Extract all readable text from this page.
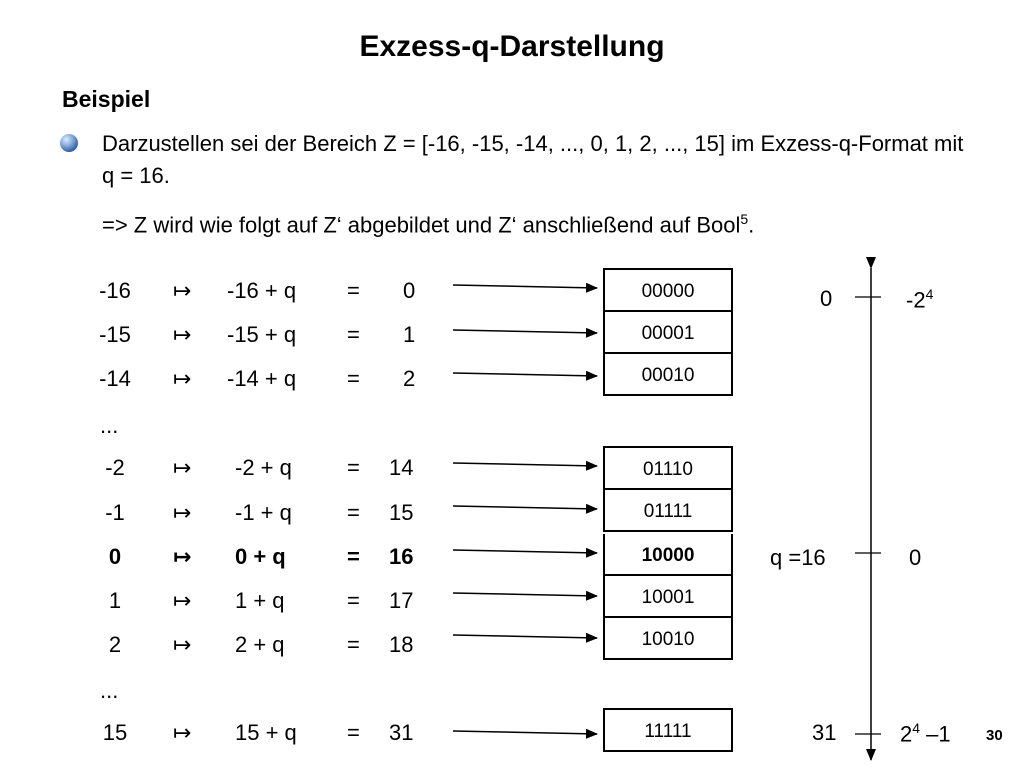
Exzess-q-Darstellung
Beispiel
Darzustellen sei der Bereich Z = [-16, -15, -14, ..., 0, 1, 2, ..., 15] im Exzess-q-Format mit q = 16.
=> Z wird wie folgt auf Z‘ abgebildet und Z‘ anschließend auf Bool$^5$.
-16	↦ -16 + q = 0
-15	↦ -15 + q = 1
-14	↦ -14 + q = 2
...
-2	↦ -2 + q	= 14
-1	↦ -1 + q	= 15
0	↦ 0 + q	= 16
1	↦ 1 + q	= 17
2	↦ 2 + q	= 18
...
15	↦ 15 + q = 31
00000
00001
00010
01110
01111
10000
10001
10010
11111
0	$-2^4$
q =16	0
31	$2^4$ –1 30
